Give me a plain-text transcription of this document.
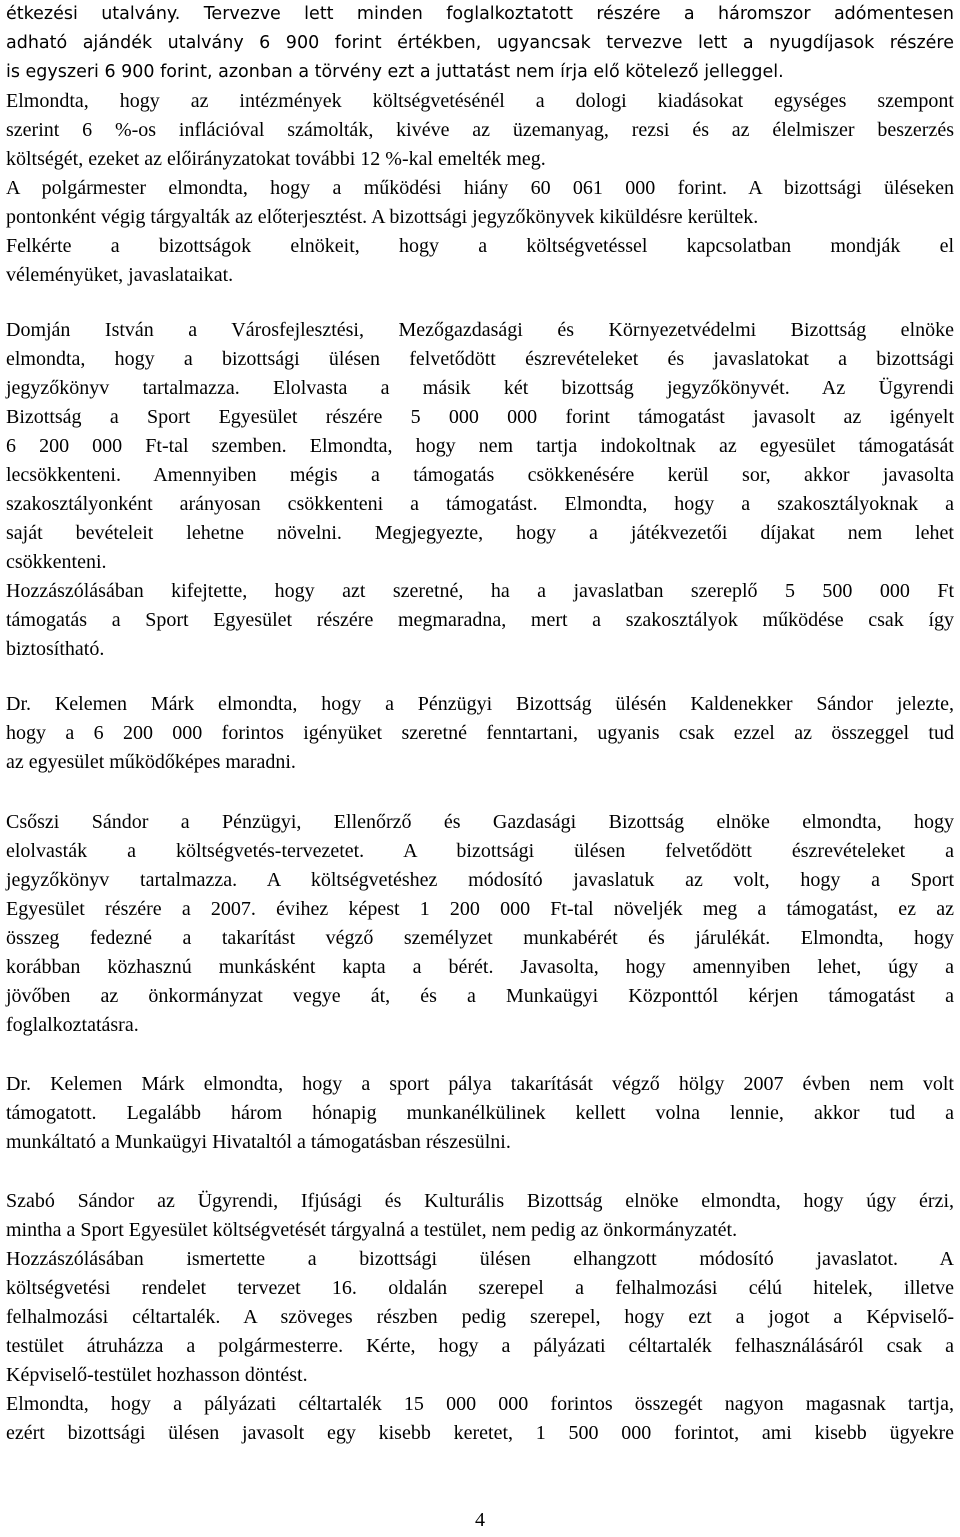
étkezési utalvány. Tervezve lett minden foglalkoztatott részére a háromszor adómentesen
adható ajándék utalvány 6 900 forint értékben, ugyancsak tervezve lett a nyugdíjasok részére
is egyszeri 6 900 forint, azonban a törvény ezt a juttatást nem írja elő kötelező jelleggel.
Elmondta, hogy az intézmények költségvetésénél a dologi kiadásokat egységes szempont
szerint 6 %-os inflációval számolták, kivéve az üzemanyag, rezsi és az élelmiszer beszerzés
költségét, ezeket az előirányzatokat további 12 %-kal emelték meg.
A polgármester elmondta, hogy a működési hiány 60 061 000 forint. A bizottsági üléseken
pontonként végig tárgyalták az előterjesztést. A bizottsági jegyzőkönyvek kiküldésre kerültek.
Felkérte a bizottságok elnökeit, hogy a költségvetéssel kapcsolatban mondják el
véleményüket, javaslataikat.
Domján István a Városfejlesztési, Mezőgazdasági és Környezetvédelmi Bizottság elnöke
elmondta, hogy a bizottsági ülésen felvetődött észrevételeket és javaslatokat a bizottsági
jegyzőkönyv tartalmazza. Elolvasta a másik két bizottság jegyzőkönyvét. Az Ügyrendi
Bizottság a Sport Egyesület részére 5 000 000 forint támogatást javasolt az igényelt
6 200 000 Ft-tal szemben. Elmondta, hogy nem tartja indokoltnak az egyesület támogatását
lecsökkenteni. Amennyiben mégis a támogatás csökkenésére kerül sor, akkor javasolta
szakosztályonként arányosan csökkenteni a támogatást. Elmondta, hogy a szakosztályoknak a
saját bevételeit lehetne növelni. Megjegyezte, hogy a játékvezetői díjakat nem lehet
csökkenteni.
Hozzászólásában kifejtette, hogy azt szeretné, ha a javaslatban szereplő 5 500 000 Ft
támogatás a Sport Egyesület részére megmaradna, mert a szakosztályok működése csak így
biztosítható.
Dr. Kelemen Márk elmondta, hogy a Pénzügyi Bizottság ülésén Kaldenekker Sándor jelezte,
hogy a 6 200 000 forintos igényüket szeretné fenntartani, ugyanis csak ezzel az összeggel tud
az egyesület működőképes maradni.
Csőszi Sándor a Pénzügyi, Ellenőrző és Gazdasági Bizottság elnöke elmondta, hogy
elolvasták a költségvetés-tervezetet. A bizottsági ülésen felvetődött észrevételeket a
jegyzőkönyv tartalmazza. A költségvetéshez módosító javaslatuk az volt, hogy a Sport
Egyesület részére a 2007. évihez képest 1 200 000 Ft-tal növeljék meg a támogatást, ez az
összeg fedezné a takarítást végző személyzet munkabérét és járulékát. Elmondta, hogy
korábban közhasznú munkásként kapta a bérét. Javasolta, hogy amennyiben lehet, úgy a
jövőben az önkormányzat vegye át, és a Munkaügyi Központtól kérjen támogatást a
foglalkoztatásra.
Dr. Kelemen Márk elmondta, hogy a sport pálya takarítását végző hölgy 2007 évben nem volt
támogatott. Legalább három hónapig munkanélkülinek kellett volna lennie, akkor tud a
munkáltató a Munkaügyi Hivataltól a támogatásban részesülni.
Szabó Sándor az Ügyrendi, Ifjúsági és Kulturális Bizottság elnöke elmondta, hogy úgy érzi,
mintha a Sport Egyesület költségvetését tárgyalná a testület, nem pedig az önkormányzatét.
Hozzászólásában ismertette a bizottsági ülésen elhangzott módosító javaslatot. A
költségvetési rendelet tervezet 16. oldalán szerepel a felhalmozási célú hitelek, illetve
felhalmozási céltartalék. A szöveges részben pedig szerepel, hogy ezt a jogot a Képviselő-
testület átruházza a polgármesterre. Kérte, hogy a pályázati céltartalék felhasználásáról csak a
Képviselő-testület hozhasson döntést.
Elmondta, hogy a pályázati céltartalék 15 000 000 forintos összegét nagyon magasnak tartja,
ezért bizottsági ülésen javasolt egy kisebb keretet, 1 500 000 forintot, ami kisebb ügyekre
4
